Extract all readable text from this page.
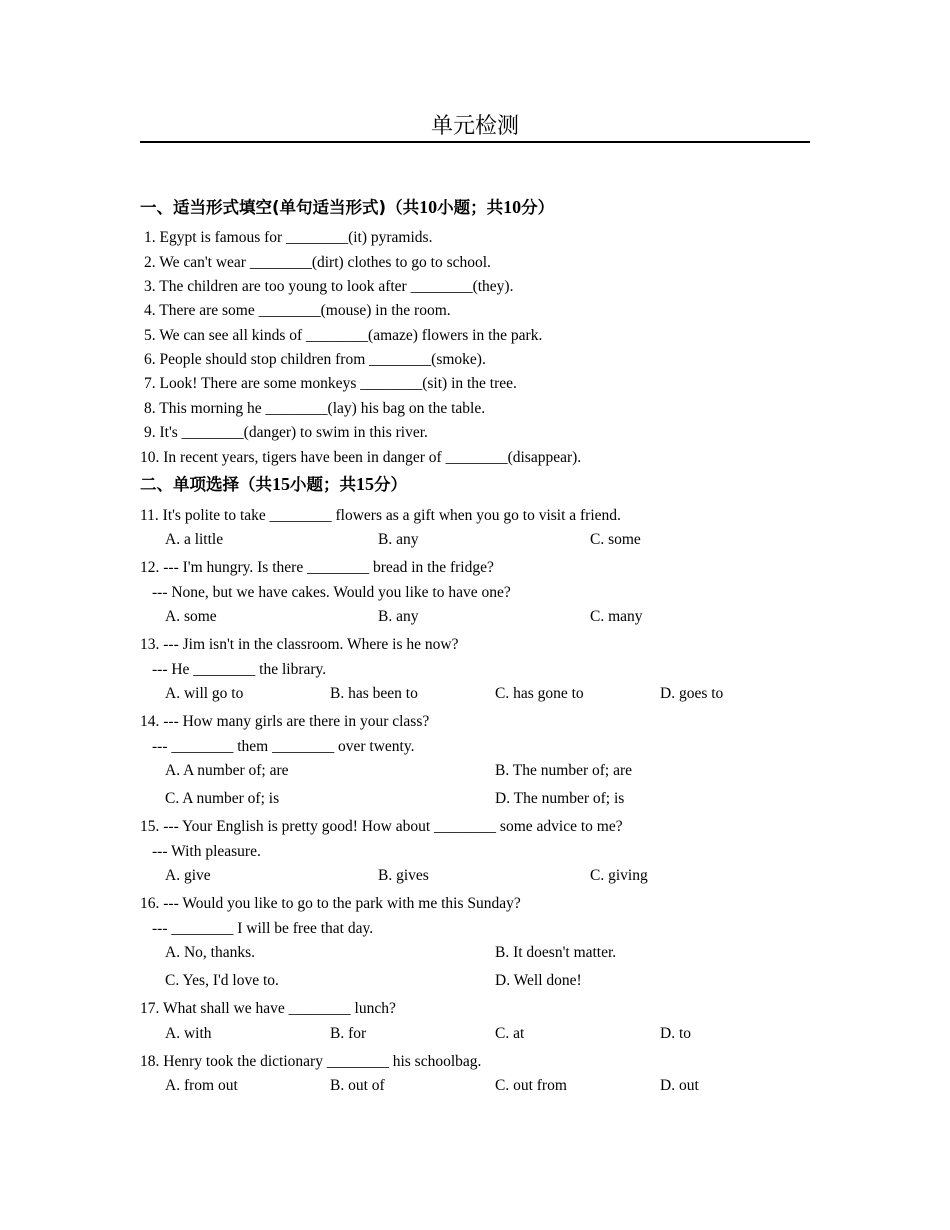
单元检测
一、适当形式填空(单句适当形式)（共10小题；共10分）
1. Egypt is famous for ________(it) pyramids.
2. We can't wear ________(dirt) clothes to go to school.
3. The children are too young to look after ________(they).
4. There are some ________(mouse) in the room.
5. We can see all kinds of ________(amaze) flowers in the park.
6. People should stop children from ________(smoke).
7. Look! There are some monkeys ________(sit) in the tree.
8. This morning he ________(lay) his bag on the table.
9. It's ________(danger) to swim in this river.
10. In recent years, tigers have been in danger of ________(disappear).
二、单项选择（共15小题；共15分）
11. It's polite to take ________ flowers as a gift when you go to visit a friend.
A. a little	B. any	C. some
12. --- I'm hungry. Is there ________ bread in the fridge?
--- None, but we have cakes. Would you like to have one?
A. some	B. any	C. many
13. --- Jim isn't in the classroom. Where is he now?
--- He ________ the library.
A. will go to	B. has been to	C. has gone to	D. goes to
14. --- How many girls are there in your class?
--- ________ them ________ over twenty.
A. A number of; are	B. The number of; are
C. A number of; is	D. The number of; is
15. --- Your English is pretty good! How about ________ some advice to me?
--- With pleasure.
A. give	B. gives	C. giving
16. --- Would you like to go to the park with me this Sunday?
--- ________ I will be free that day.
A. No, thanks.	B. It doesn't matter.
C. Yes, I'd love to.	D. Well done!
17. What shall we have ________ lunch?
A. with	B. for	C. at	D. to
18. Henry took the dictionary ________ his schoolbag.
A. from out	B. out of	C. out from	D. out
